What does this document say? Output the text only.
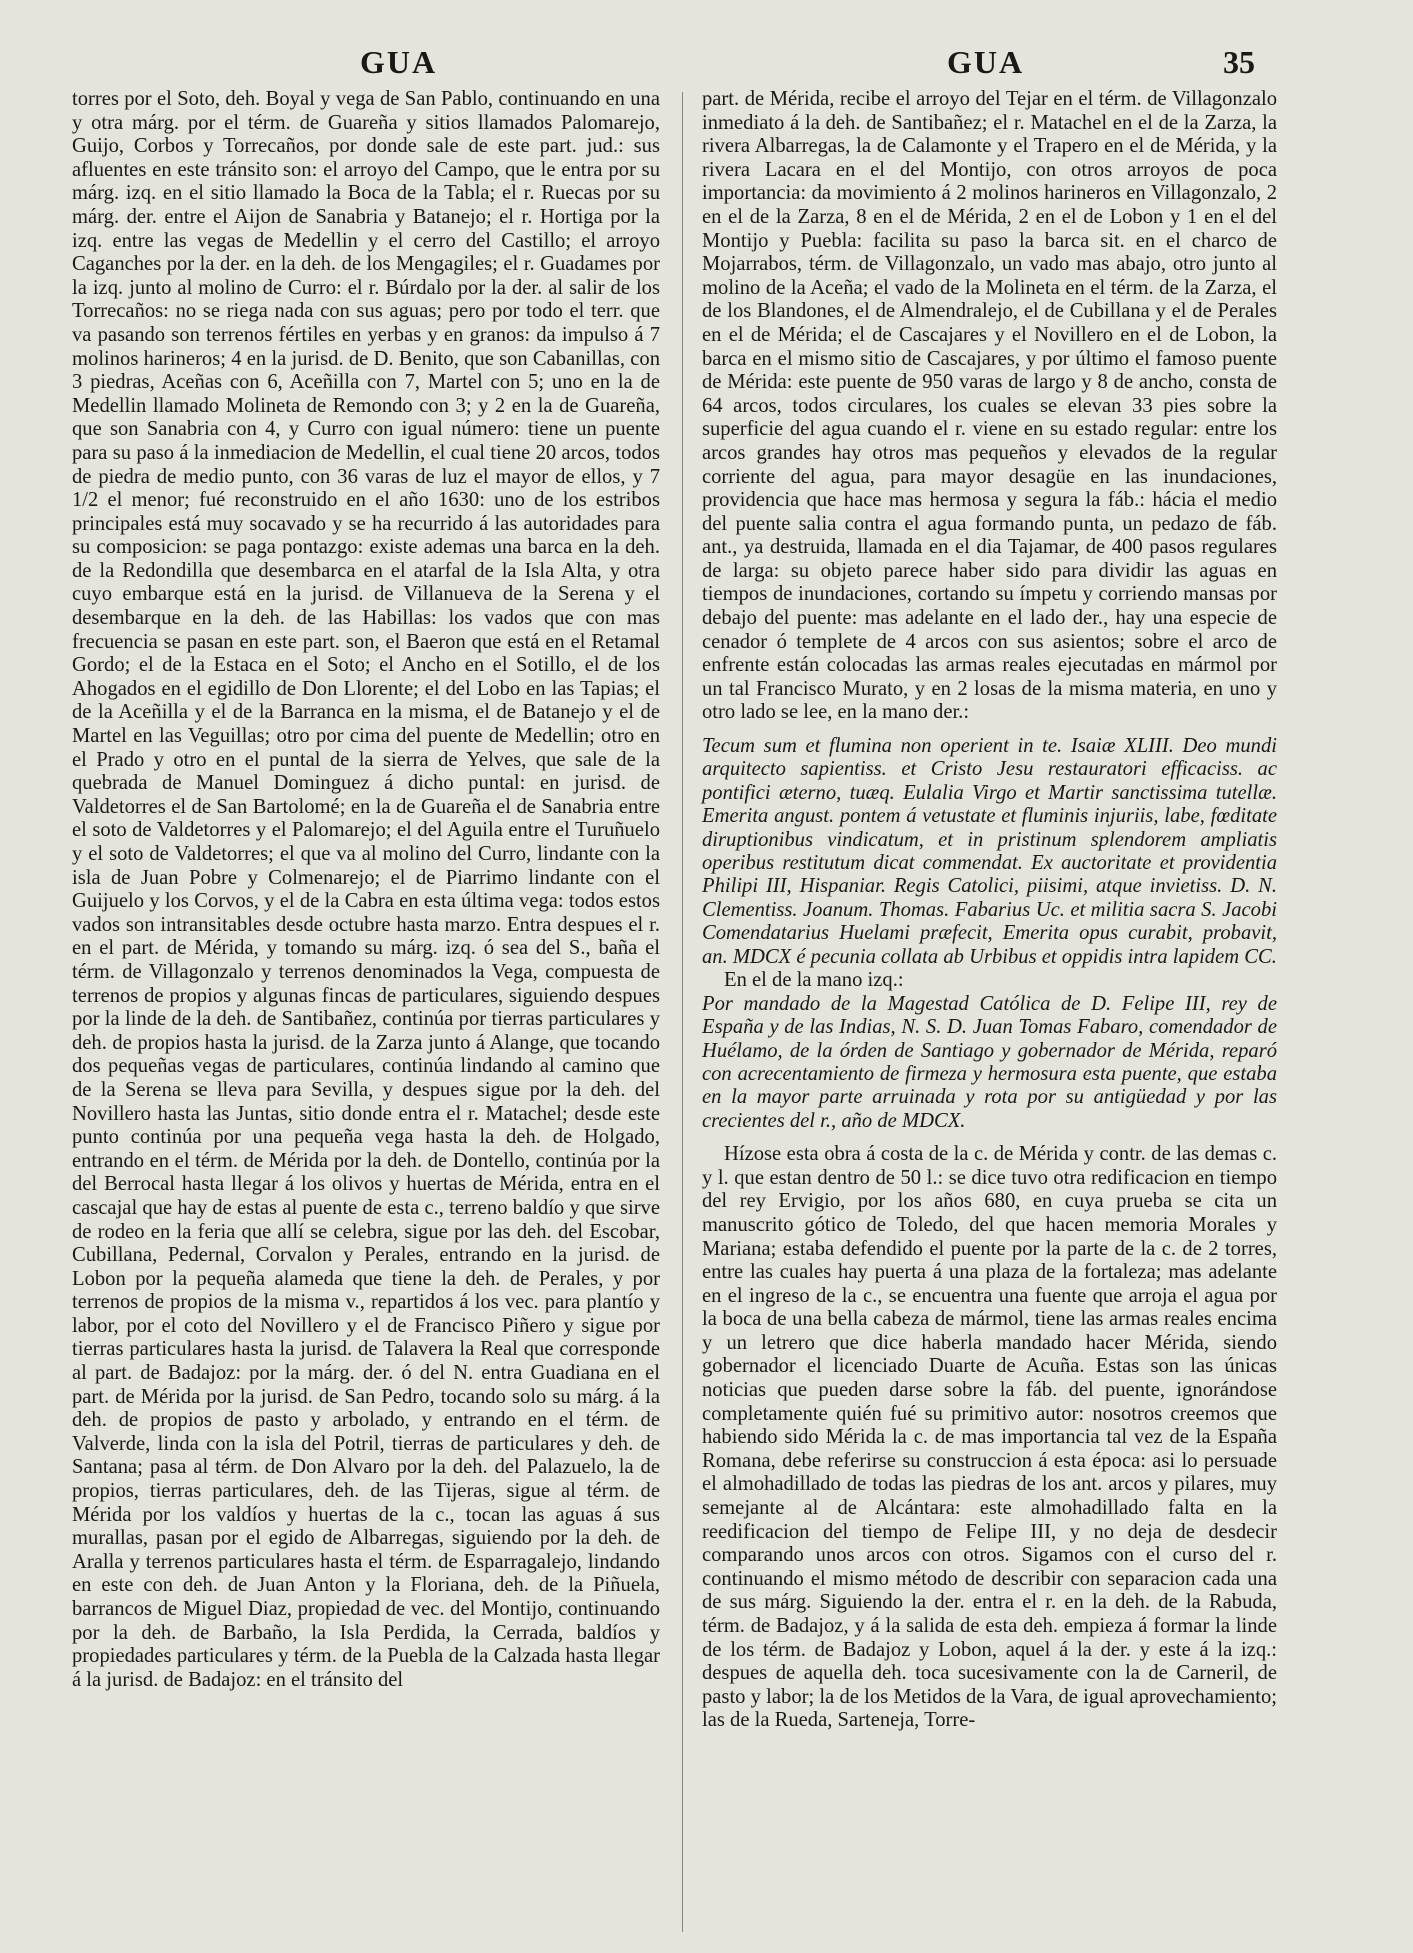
GUA	GUA	35

torres por el Soto, deh. Boyal y vega de San Pablo, continuando en una y otra márg. por el térm. de Guareña y sitios llamados Palomarejo, Guijo, Corbos y Torrecaños, por donde sale de este part. jud.: sus afluentes en este tránsito son: el arroyo del Campo, que le entra por su márg. izq. en el sitio llamado la Boca de la Tabla; el r. Ruecas por su márg. der. entre el Aijon de Sanabria y Batanejo; el r. Hortiga por la izq. entre las vegas de Medellin y el cerro del Castillo; el arroyo Caganches por la der. en la deh. de los Mengagiles; el r. Guadames por la izq. junto al molino de Curro: el r. Búrdalo por la der. al salir de los Torrecaños: no se riega nada con sus aguas; pero por todo el terr. que va pasando son terrenos fértiles en yerbas y en granos: da impulso á 7 molinos harineros; 4 en la jurisd. de D. Benito, que son Cabanillas, con 3 piedras, Aceñas con 6, Aceñilla con 7, Martel con 5; uno en la de Medellin llamado Molineta de Remondo con 3; y 2 en la de Guareña, que son Sanabria con 4, y Curro con igual número: tiene un puente para su paso á la inmediacion de Medellin, el cual tiene 20 arcos, todos de piedra de medio punto, con 36 varas de luz el mayor de ellos, y 7 1/2 el menor; fué reconstruido en el año 1630: uno de los estribos principales está muy socavado y se ha recurrido á las autoridades para su composicion: se paga pontazgo: existe ademas una barca en la deh. de la Redondilla que desembarca en el atarfal de la Isla Alta, y otra cuyo embarque está en la jurisd. de Villanueva de la Serena y el desembarque en la deh. de las Habillas: los vados que con mas frecuencia se pasan en este part. son, el Baeron que está en el Retamal Gordo; el de la Estaca en el Soto; el Ancho en el Sotillo, el de los Ahogados en el egidillo de Don Llorente; el del Lobo en las Tapias; el de la Aceñilla y el de la Barranca en la misma, el de Batanejo y el de Martel en las Veguillas; otro por cima del puente de Medellin; otro en el Prado y otro en el puntal de la sierra de Yelves, que sale de la quebrada de Manuel Dominguez á dicho puntal: en jurisd. de Valdetorres el de San Bartolomé; en la de Guareña el de Sanabria entre el soto de Valdetorres y el Palomarejo; el del Aguila entre el Turuñuelo y el soto de Valdetorres; el que va al molino del Curro, lindante con la isla de Juan Pobre y Colmenarejo; el de Piarrimo lindante con el Guijuelo y los Corvos, y el de la Cabra en esta última vega: todos estos vados son intransitables desde octubre hasta marzo. Entra despues el r. en el part. de Mérida, y tomando su márg. izq. ó sea del S., baña el térm. de Villagonzalo y terrenos denominados la Vega, compuesta de terrenos de propios y algunas fincas de particulares, siguiendo despues por la linde de la deh. de Santibañez, continúa por tierras particulares y deh. de propios hasta la jurisd. de la Zarza junto á Alange, que tocando dos pequeñas vegas de particulares, continúa lindando al camino que de la Serena se lleva para Sevilla, y despues sigue por la deh. del Novillero hasta las Juntas, sitio donde entra el r. Matachel; desde este punto continúa por una pequeña vega hasta la deh. de Holgado, entrando en el térm. de Mérida por la deh. de Dontello, continúa por la del Berrocal hasta llegar á los olivos y huertas de Mérida, entra en el cascajal que hay de estas al puente de esta c., terreno baldío y que sirve de rodeo en la feria que allí se celebra, sigue por las deh. del Escobar, Cubillana, Pedernal, Corvalon y Perales, entrando en la jurisd. de Lobon por la pequeña alameda que tiene la deh. de Perales, y por terrenos de propios de la misma v., repartidos á los vec. para plantío y labor, por el coto del Novillero y el de Francisco Piñero y sigue por tierras particulares hasta la jurisd. de Talavera la Real que corresponde al part. de Badajoz: por la márg. der. ó del N. entra Guadiana en el part. de Mérida por la jurisd. de San Pedro, tocando solo su márg. á la deh. de propios de pasto y arbolado, y entrando en el térm. de Valverde, linda con la isla del Potril, tierras de particulares y deh. de Santana; pasa al térm. de Don Alvaro por la deh. del Palazuelo, la de propios, tierras particulares, deh. de las Tijeras, sigue al térm. de Mérida por los valdíos y huertas de la c., tocan las aguas á sus murallas, pasan por el egido de Albarregas, siguiendo por la deh. de Aralla y terrenos particulares hasta el térm. de Esparragalejo, lindando en este con deh. de Juan Anton y la Floriana, deh. de la Piñuela, barrancos de Miguel Diaz, propiedad de vec. del Montijo, continuando por la deh. de Barbaño, la Isla Perdida, la Cerrada, baldíos y propiedades particulares y térm. de la Puebla de la Calzada hasta llegar á la jurisd. de Badajoz: en el tránsito del

part. de Mérida, recibe el arroyo del Tejar en el térm. de Villagonzalo inmediato á la deh. de Santibañez; el r. Matachel en el de la Zarza, la rivera Albarregas, la de Calamonte y el Trapero en el de Mérida, y la rivera Lacara en el del Montijo, con otros arroyos de poca importancia: da movimiento á 2 molinos harineros en Villagonzalo, 2 en el de la Zarza, 8 en el de Mérida, 2 en el de Lobon y 1 en el del Montijo y Puebla: facilita su paso la barca sit. en el charco de Mojarrabos, térm. de Villagonzalo, un vado mas abajo, otro junto al molino de la Aceña; el vado de la Molineta en el térm. de la Zarza, el de los Blandones, el de Almendralejo, el de Cubillana y el de Perales en el de Mérida; el de Cascajares y el Novillero en el de Lobon, la barca en el mismo sitio de Cascajares, y por último el famoso puente de Mérida: este puente de 950 varas de largo y 8 de ancho, consta de 64 arcos, todos circulares, los cuales se elevan 33 pies sobre la superficie del agua cuando el r. viene en su estado regular: entre los arcos grandes hay otros mas pequeños y elevados de la regular corriente del agua, para mayor desagüe en las inundaciones, providencia que hace mas hermosa y segura la fáb.: hácia el medio del puente salia contra el agua formando punta, un pedazo de fáb. ant., ya destruida, llamada en el dia Tajamar, de 400 pasos regulares de larga: su objeto parece haber sido para dividir las aguas en tiempos de inundaciones, cortando su ímpetu y corriendo mansas por debajo del puente: mas adelante en el lado der., hay una especie de cenador ó templete de 4 arcos con sus asientos; sobre el arco de enfrente están colocadas las armas reales ejecutadas en mármol por un tal Francisco Murato, y en 2 losas de la misma materia, en uno y otro lado se lee, en la mano der.:

Tecum sum et flumina non operient in te. Isaiæ XLIII. Deo mundi arquitecto sapientiss. et Cristo Jesu restauratori efficaciss. ac pontifici æterno, tuæq. Eulalia Virgo et Martir sanctissima tutellæ. Emerita angust. pontem á vetustate et fluminis injuriis, labe, fœditate diruptionibus vindicatum, et in pristinum splendorem ampliatis operibus restitutum dicat commendat. Ex auctoritate et providentia Philipi III, Hispaniar. Regis Catolici, piisimi, atque invietiss. D. N. Clementiss. Joanum. Thomas. Fabarius Uc. et militia sacra S. Jacobi Comendatarius Huelami præfecit, Emerita opus curabit, probavit, an. MDCX é pecunia collata ab Urbibus et oppidis intra lapidem CC.

En el de la mano izq.:

Por mandado de la Magestad Católica de D. Felipe III, rey de España y de las Indias, N. S. D. Juan Tomas Fabaro, comendador de Huélamo, de la órden de Santiago y gobernador de Mérida, reparó con acrecentamiento de firmeza y hermosura esta puente, que estaba en la mayor parte arruinada y rota por su antigüedad y por las crecientes del r., año de MDCX.

Hízose esta obra á costa de la c. de Mérida y contr. de las demas c. y l. que estan dentro de 50 l.: se dice tuvo otra redificacion en tiempo del rey Ervigio, por los años 680, en cuya prueba se cita un manuscrito gótico de Toledo, del que hacen memoria Morales y Mariana; estaba defendido el puente por la parte de la c. de 2 torres, entre las cuales hay puerta á una plaza de la fortaleza; mas adelante en el ingreso de la c., se encuentra una fuente que arroja el agua por la boca de una bella cabeza de mármol, tiene las armas reales encima y un letrero que dice haberla mandado hacer Mérida, siendo gobernador el licenciado Duarte de Acuña. Estas son las únicas noticias que pueden darse sobre la fáb. del puente, ignorándose completamente quién fué su primitivo autor: nosotros creemos que habiendo sido Mérida la c. de mas importancia tal vez de la España Romana, debe referirse su construccion á esta época: asi lo persuade el almohadillado de todas las piedras de los ant. arcos y pilares, muy semejante al de Alcántara: este almohadillado falta en la reedificacion del tiempo de Felipe III, y no deja de desdecir comparando unos arcos con otros. Sigamos con el curso del r. continuando el mismo método de describir con separacion cada una de sus márg. Siguiendo la der. entra el r. en la deh. de la Rabuda, térm. de Badajoz, y á la salida de esta deh. empieza á formar la linde de los térm. de Badajoz y Lobon, aquel á la der. y este á la izq.: despues de aquella deh. toca sucesivamente con la de Carneril, de pasto y labor; la de los Metidos de la Vara, de igual aprovechamiento; las de la Rueda, Sarteneja, Torre-
